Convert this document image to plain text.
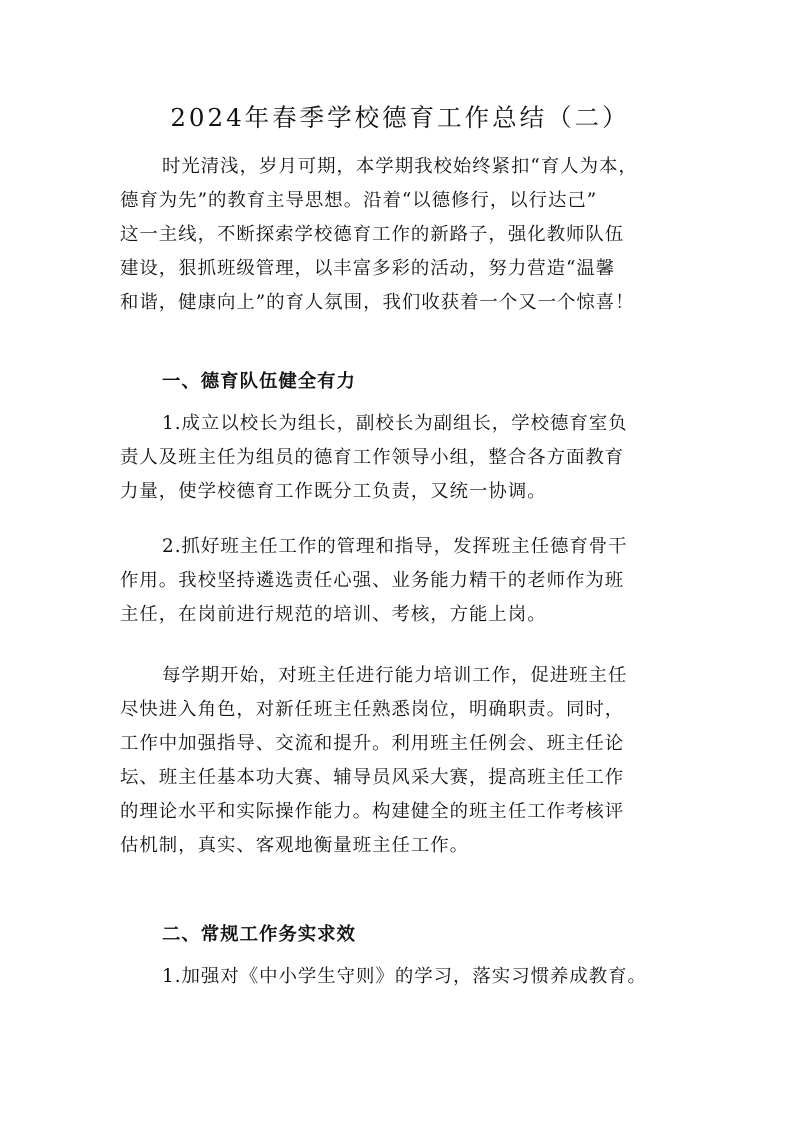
2024年春季学校德育工作总结（二）
时光清浅，岁月可期，本学期我校始终紧扣“育人为本，
德育为先”的教育主导思想。沿着“以德修行，以行达己”
这一主线，不断探索学校德育工作的新路子，强化教师队伍
建设，狠抓班级管理，以丰富多彩的活动，努力营造“温馨
和谐，健康向上”的育人氛围，我们收获着一个又一个惊喜！
一、德育队伍健全有力
1.成立以校长为组长，副校长为副组长，学校德育室负
责人及班主任为组员的德育工作领导小组，整合各方面教育
力量，使学校德育工作既分工负责，又统一协调。
2.抓好班主任工作的管理和指导，发挥班主任德育骨干
作用。我校坚持遴选责任心强、业务能力精干的老师作为班
主任，在岗前进行规范的培训、考核，方能上岗。
每学期开始，对班主任进行能力培训工作，促进班主任
尽快进入角色，对新任班主任熟悉岗位，明确职责。同时，
工作中加强指导、交流和提升。利用班主任例会、班主任论
坛、班主任基本功大赛、辅导员风采大赛，提高班主任工作
的理论水平和实际操作能力。构建健全的班主任工作考核评
估机制，真实、客观地衡量班主任工作。
二、常规工作务实求效
1.加强对《中小学生守则》的学习，落实习惯养成教育。
